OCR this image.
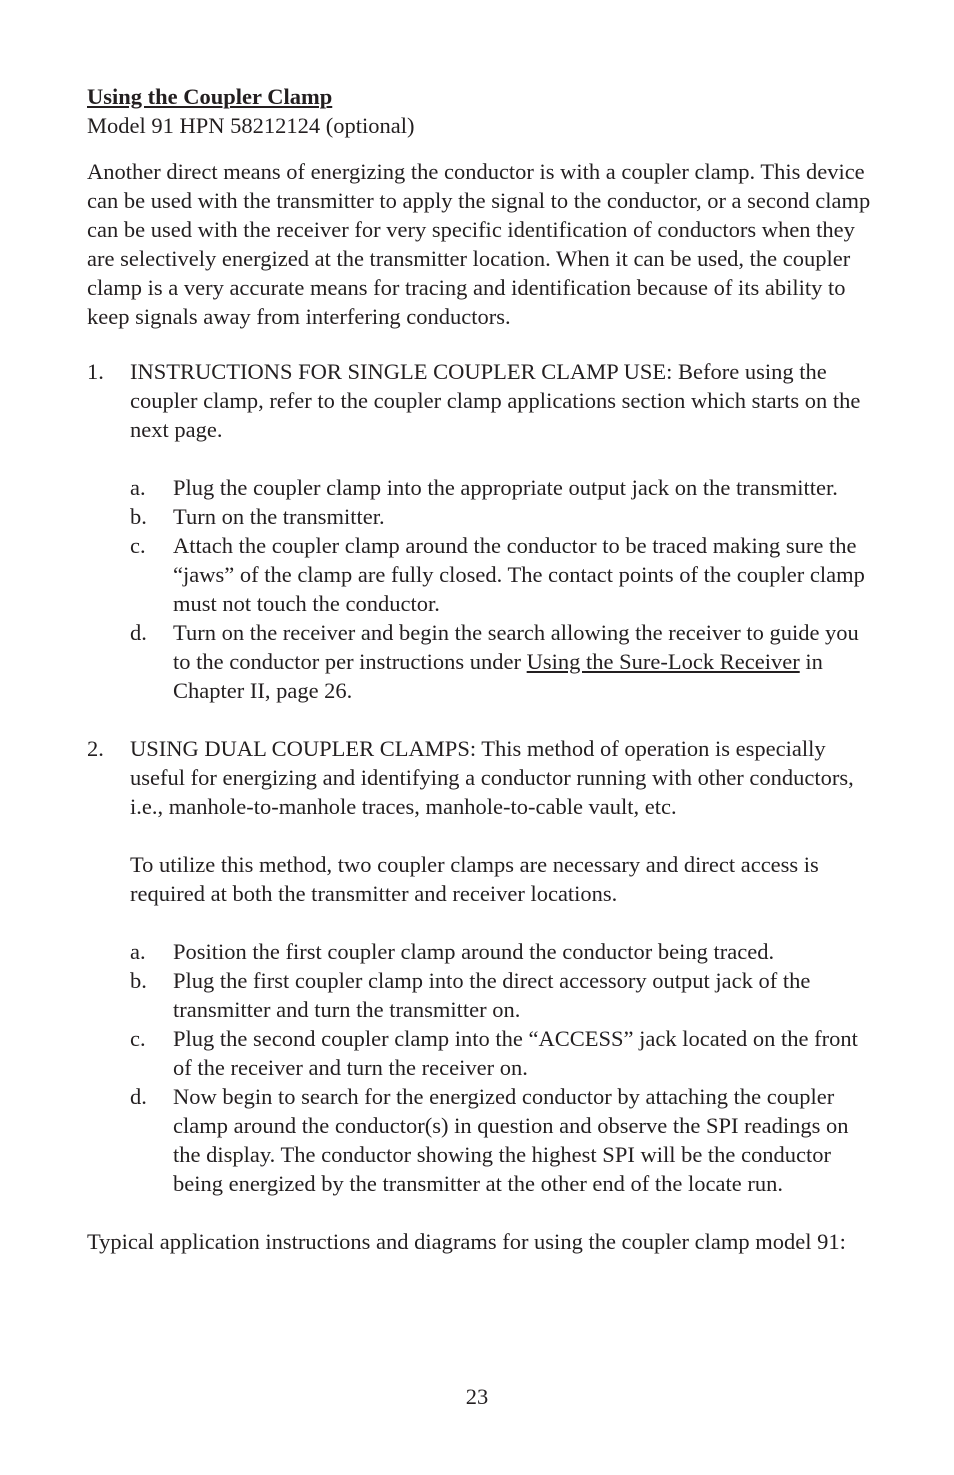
Using the Coupler Clamp

Model 91 HPN 58212124 (optional)

Another direct means of energizing the conductor is with a coupler clamp. This device can be used with the transmitter to apply the signal to the conductor, or a second clamp can be used with the receiver for very specific identification of conductors when they are selectively energized at the transmitter location. When it can be used, the coupler clamp is a very accurate means for tracing and identification because of its ability to keep signals away from interfering conductors.

1. INSTRUCTIONS FOR SINGLE COUPLER CLAMP USE: Before using the coupler clamp, refer to the coupler clamp applications section which starts on the next page.

a. Plug the coupler clamp into the appropriate output jack on the transmitter.
b. Turn on the transmitter.
c. Attach the coupler clamp around the conductor to be traced making sure the “jaws” of the clamp are fully closed. The contact points of the coupler clamp must not touch the conductor.
d. Turn on the receiver and begin the search allowing the receiver to guide you to the conductor per instructions under Using the Sure-Lock Receiver in Chapter II, page 26.
2. USING DUAL COUPLER CLAMPS: This method of operation is especially useful for energizing and identifying a conductor running with other conductors, i.e., manhole-to-manhole traces, manhole-to-cable vault, etc.

To utilize this method, two coupler clamps are necessary and direct access is required at both the transmitter and receiver locations.

a. Position the first coupler clamp around the conductor being traced.
b. Plug the first coupler clamp into the direct accessory output jack of the transmitter and turn the transmitter on.
c. Plug the second coupler clamp into the “ACCESS” jack located on the front of the receiver and turn the receiver on.
d. Now begin to search for the energized conductor by attaching the coupler clamp around the conductor(s) in question and observe the SPI readings on the display. The conductor showing the highest SPI will be the conductor being energized by the transmitter at the other end of the locate run.

Typical application instructions and diagrams for using the coupler clamp model 91:

23
